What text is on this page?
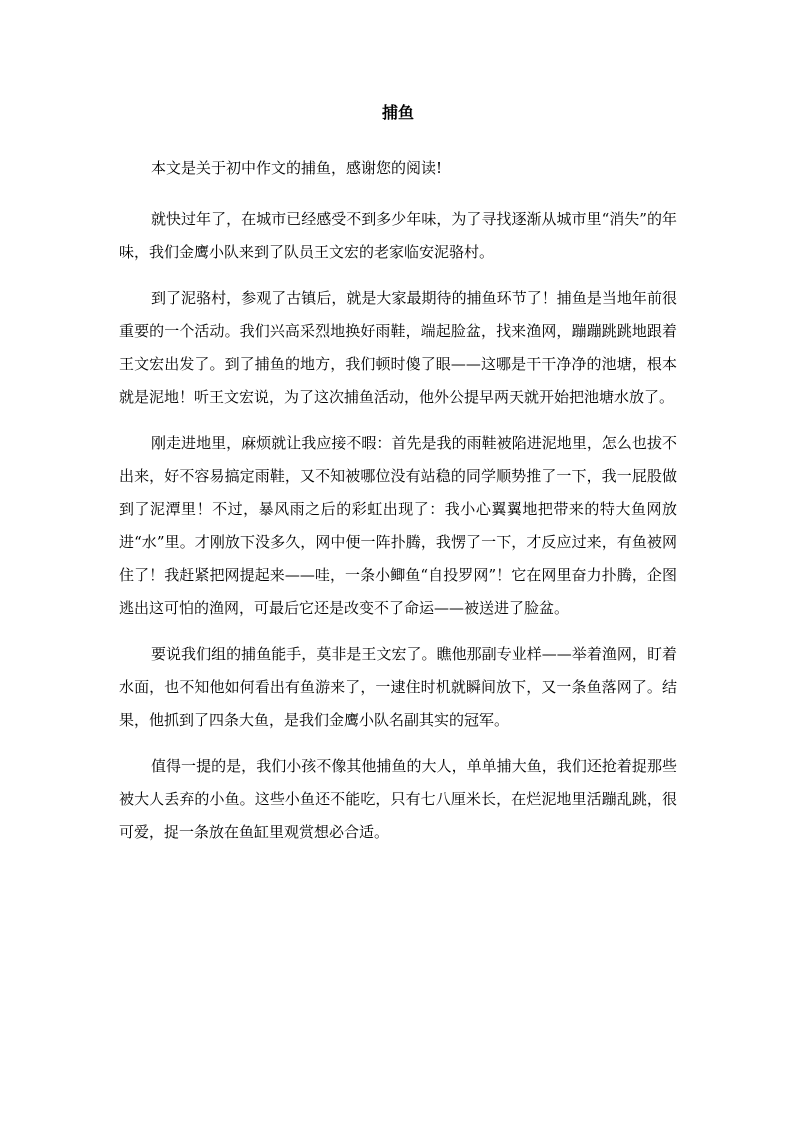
捕鱼

本文是关于初中作文的捕鱼，感谢您的阅读!

就快过年了，在城市已经感受不到多少年味，为了寻找逐渐从城市里“消失”的年味，我们金鹰小队来到了队员王文宏的老家临安泥骆村。

到了泥骆村，参观了古镇后，就是大家最期待的捕鱼环节了！捕鱼是当地年前很重要的一个活动。我们兴高采烈地换好雨鞋，端起脸盆，找来渔网，蹦蹦跳跳地跟着王文宏出发了。到了捕鱼的地方，我们顿时傻了眼——这哪是干干净净的池塘，根本就是泥地！听王文宏说，为了这次捕鱼活动，他外公提早两天就开始把池塘水放了。

刚走进地里，麻烦就让我应接不暇：首先是我的雨鞋被陷进泥地里，怎么也拔不出来，好不容易搞定雨鞋，又不知被哪位没有站稳的同学顺势推了一下，我一屁股做到了泥潭里！不过，暴风雨之后的彩虹出现了：我小心翼翼地把带来的特大鱼网放进“水”里。才刚放下没多久，网中便一阵扑腾，我愣了一下，才反应过来，有鱼被网住了！我赶紧把网提起来——哇，一条小鲫鱼“自投罗网”！它在网里奋力扑腾，企图逃出这可怕的渔网，可最后它还是改变不了命运——被送进了脸盆。

要说我们组的捕鱼能手，莫非是王文宏了。瞧他那副专业样——举着渔网，盯着水面，也不知他如何看出有鱼游来了，一逮住时机就瞬间放下，又一条鱼落网了。结果，他抓到了四条大鱼，是我们金鹰小队名副其实的冠军。

值得一提的是，我们小孩不像其他捕鱼的大人，单单捕大鱼，我们还抢着捉那些被大人丢弃的小鱼。这些小鱼还不能吃，只有七八厘米长，在烂泥地里活蹦乱跳，很可爱，捉一条放在鱼缸里观赏想必合适。
